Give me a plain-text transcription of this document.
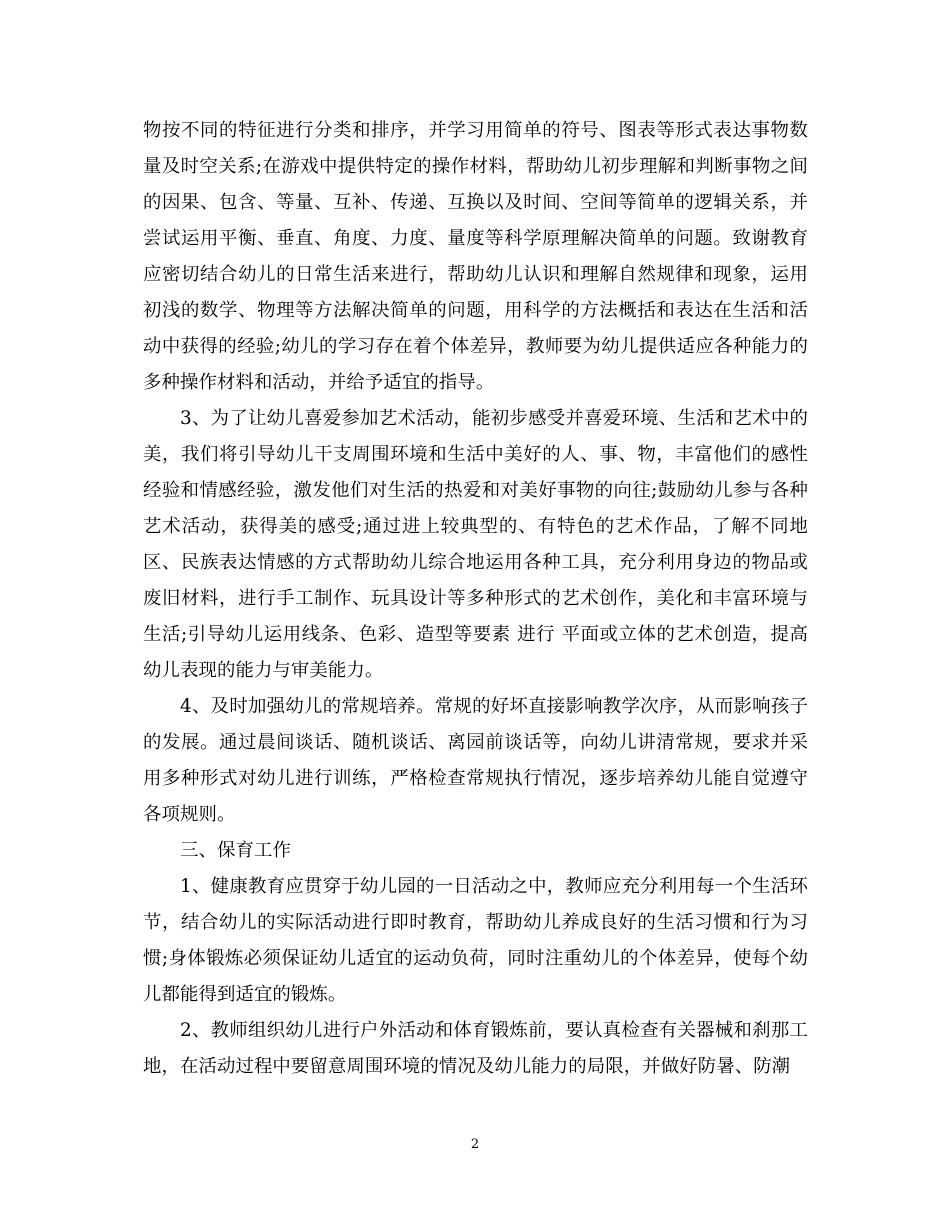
物按不同的特征进行分类和排序，并学习用简单的符号、图表等形式表达事物数量及时空关系;在游戏中提供特定的操作材料，帮助幼儿初步理解和判断事物之间的因果、包含、等量、互补、传递、互换以及时间、空间等简单的逻辑关系，并尝试运用平衡、垂直、角度、力度、量度等科学原理解决简单的问题。致谢教育应密切结合幼儿的日常生活来进行，帮助幼儿认识和理解自然规律和现象，运用初浅的数学、物理等方法解决简单的问题，用科学的方法概括和表达在生活和活动中获得的经验;幼儿的学习存在着个体差异，教师要为幼儿提供适应各种能力的多种操作材料和活动，并给予适宜的指导。

3、为了让幼儿喜爱参加艺术活动，能初步感受并喜爱环境、生活和艺术中的美，我们将引导幼儿干支周围环境和生活中美好的人、事、物，丰富他们的感性经验和情感经验，激发他们对生活的热爱和对美好事物的向往;鼓励幼儿参与各种艺术活动，获得美的感受;通过进上较典型的、有特色的艺术作品，了解不同地区、民族表达情感的方式帮助幼儿综合地运用各种工具，充分利用身边的物品或废旧材料，进行手工制作、玩具设计等多种形式的艺术创作，美化和丰富环境与生活;引导幼儿运用线条、色彩、造型等要素 进行 平面或立体的艺术创造，提高幼儿表现的能力与审美能力。

4、及时加强幼儿的常规培养。常规的好坏直接影响教学次序，从而影响孩子的发展。通过晨间谈话、随机谈话、离园前谈话等，向幼儿讲清常规，要求并采用多种形式对幼儿进行训练，严格检查常规执行情况，逐步培养幼儿能自觉遵守各项规则。

三、保育工作

1、健康教育应贯穿于幼儿园的一日活动之中，教师应充分利用每一个生活环节，结合幼儿的实际活动进行即时教育，帮助幼儿养成良好的生活习惯和行为习惯;身体锻炼必须保证幼儿适宜的运动负荷，同时注重幼儿的个体差异，使每个幼儿都能得到适宜的锻炼。

2、教师组织幼儿进行户外活动和体育锻炼前，要认真检查有关器械和刹那工地，在活动过程中要留意周围环境的情况及幼儿能力的局限，并做好防暑、防潮

2
